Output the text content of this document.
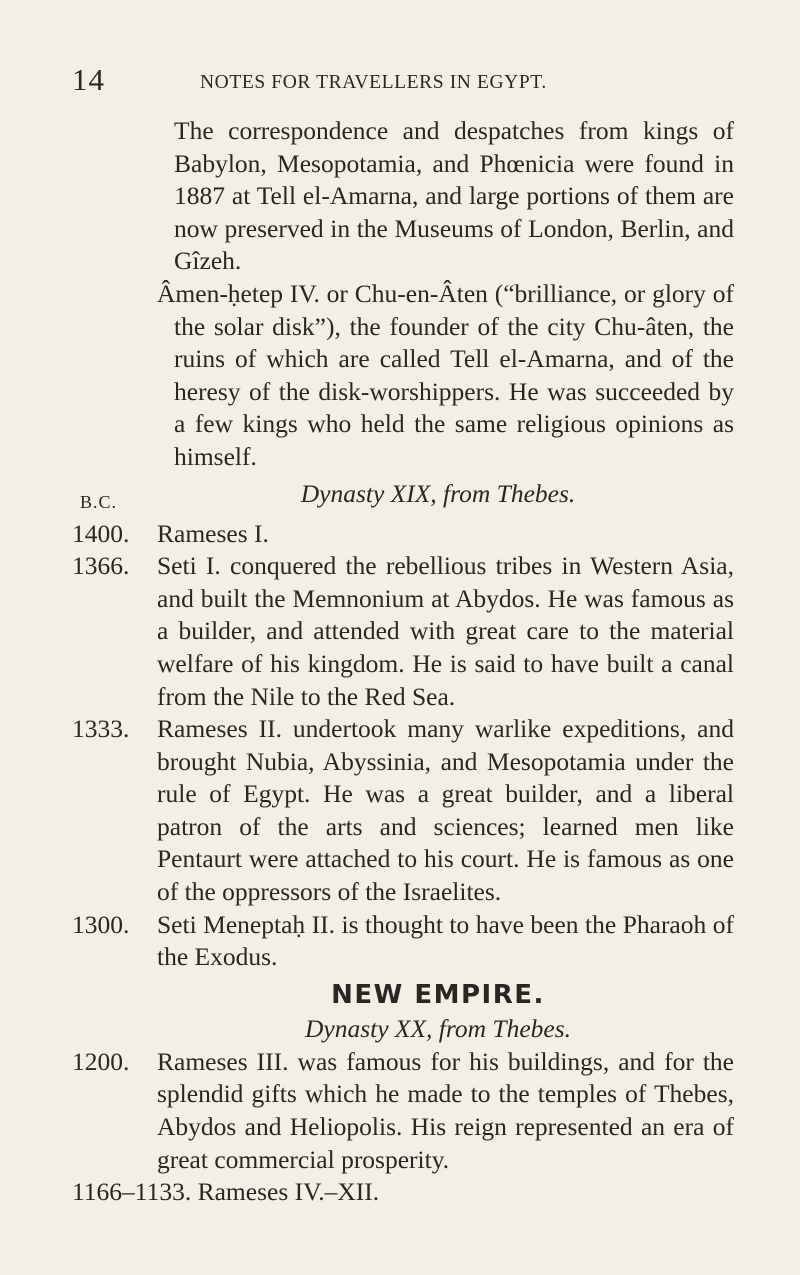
14	NOTES FOR TRAVELLERS IN EGYPT.

The correspondence and despatches from kings of Babylon, Mesopotamia, and Phœnicia were found in 1887 at Tell el-Amarna, and large portions of them are now preserved in the Museums of London, Berlin, and Gîzeh.

Âmen-ḥetep IV. or Chu-en-Âten (“brilliance, or glory of the solar disk”), the founder of the city Chu-âten, the ruins of which are called Tell el-Amarna, and of the heresy of the disk-worshippers. He was succeeded by a few kings who held the same religious opinions as himself.

B.C.	Dynasty XIX, from Thebes.
1400. Rameses I.
1366. Seti I. conquered the rebellious tribes in Western Asia, and built the Memnonium at Abydos. He was famous as a builder, and attended with great care to the material welfare of his kingdom. He is said to have built a canal from the Nile to the Red Sea.
1333. Rameses II. undertook many warlike expeditions, and brought Nubia, Abyssinia, and Mesopotamia under the rule of Egypt. He was a great builder, and a liberal patron of the arts and sciences; learned men like Pentaurt were attached to his court. He is famous as one of the oppressors of the Israelites.
1300. Seti Meneptaḥ II. is thought to have been the Pharaoh of the Exodus.
NEW EMPIRE.
Dynasty XX, from Thebes.
1200. Rameses III. was famous for his buildings, and for the splendid gifts which he made to the temples of Thebes, Abydos and Heliopolis. His reign represented an era of great commercial prosperity.
1166–1133. Rameses IV.–XII.
